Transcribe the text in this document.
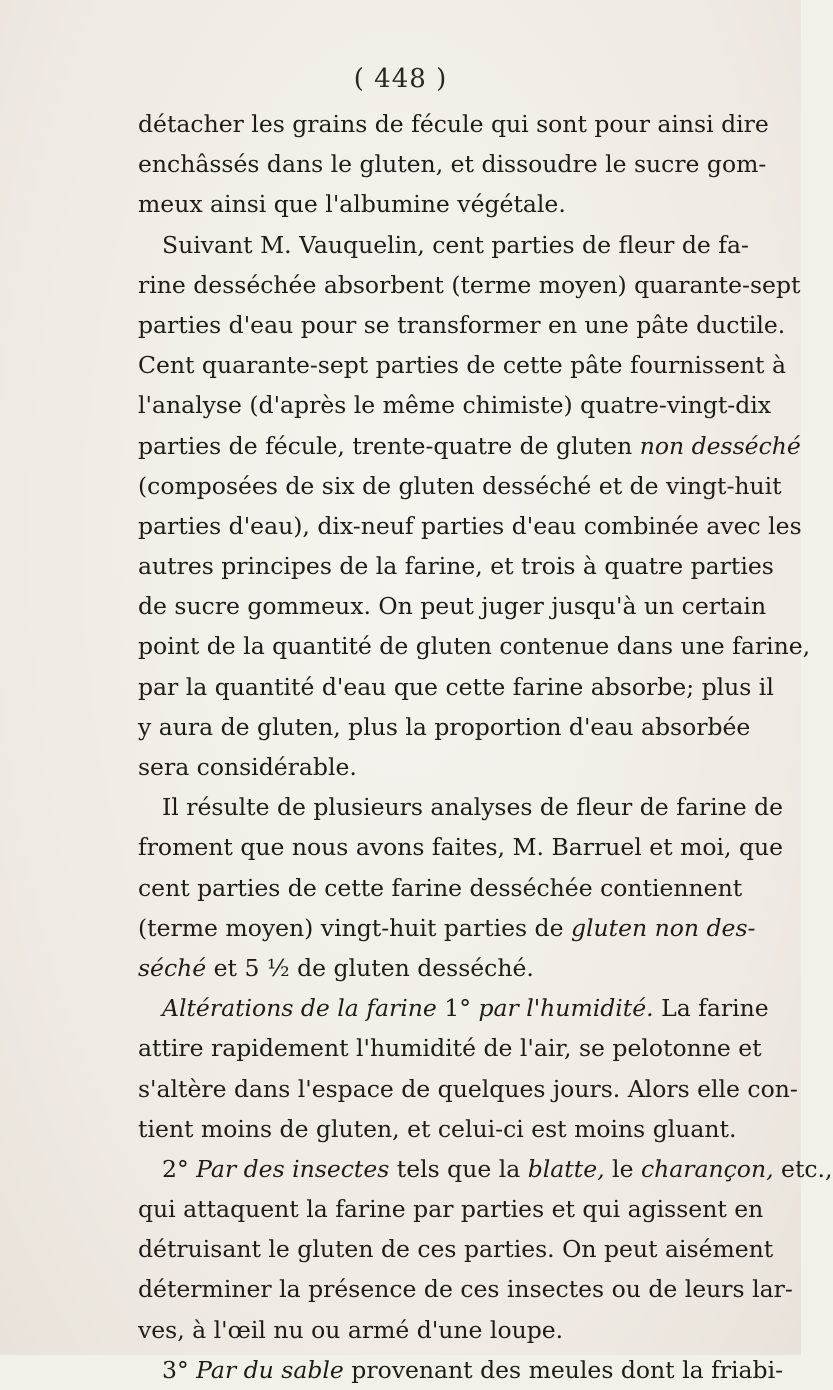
( 448 )
détacher les grains de fécule qui sont pour ainsi dire
enchâssés dans le gluten, et dissoudre le sucre gom-
meux ainsi que l'albumine végétale.
Suivant M. Vauquelin, cent parties de fleur de fa-
rine desséchée absorbent (terme moyen) quarante-sept
parties d'eau pour se transformer en une pâte ductile.
Cent quarante-sept parties de cette pâte fournissent à
l'analyse (d'après le même chimiste) quatre-vingt-dix
parties de fécule, trente-quatre de gluten non desséché
(composées de six de gluten desséché et de vingt-huit
parties d'eau), dix-neuf parties d'eau combinée avec les
autres principes de la farine, et trois à quatre parties
de sucre gommeux. On peut juger jusqu'à un certain
point de la quantité de gluten contenue dans une farine,
par la quantité d'eau que cette farine absorbe; plus il
y aura de gluten, plus la proportion d'eau absorbée
sera considérable.
Il résulte de plusieurs analyses de fleur de farine de
froment que nous avons faites, M. Barruel et moi, que
cent parties de cette farine desséchée contiennent
(terme moyen) vingt-huit parties de gluten non des-
séché et 5 ½ de gluten desséché.
Altérations de la farine 1° par l'humidité. La farine
attire rapidement l'humidité de l'air, se pelotonne et
s'altère dans l'espace de quelques jours. Alors elle con-
tient moins de gluten, et celui-ci est moins gluant.
2° Par des insectes tels que la blatte, le charançon, etc.,
qui attaquent la farine par parties et qui agissent en
détruisant le gluten de ces parties. On peut aisément
déterminer la présence de ces insectes ou de leurs lar-
ves, à l'œil nu ou armé d'une loupe.
3° Par du sable provenant des meules dont la friabi-
